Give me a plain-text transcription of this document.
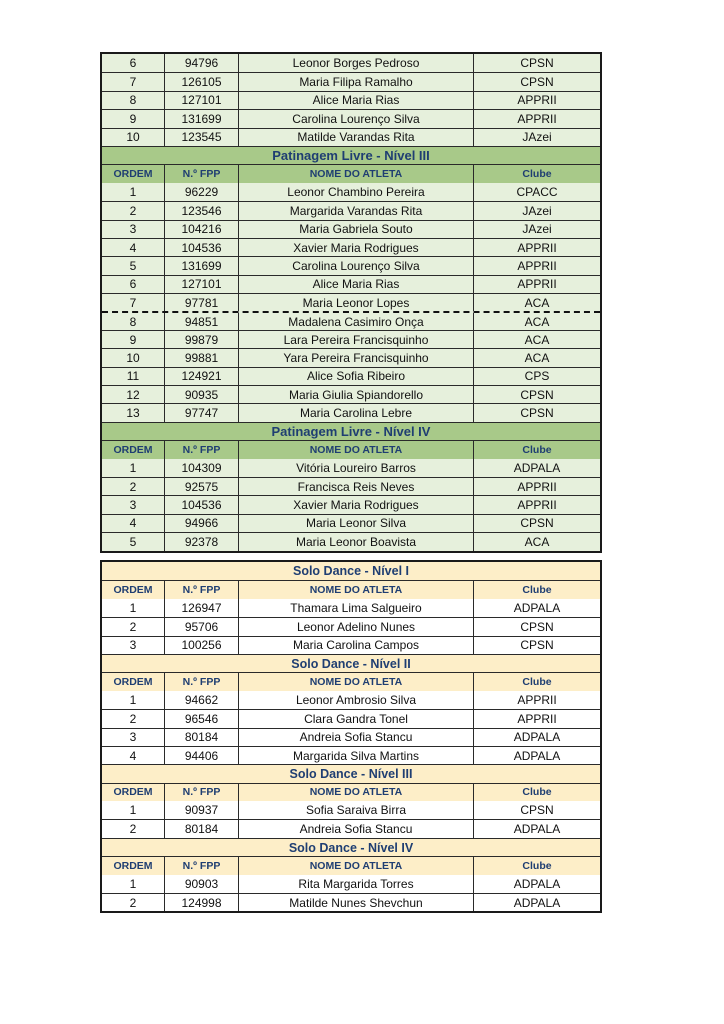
6	94796	Leonor Borges Pedroso	CPSN
7	126105	Maria Filipa Ramalho	CPSN
8	127101	Alice Maria Rias	APPRII
9	131699	Carolina Lourenço Silva	APPRII
10	123545	Matilde Varandas Rita	JAzei
Patinagem Livre - Nível III
ORDEM	N.º FPP	NOME DO ATLETA	Clube
1	96229	Leonor Chambino Pereira	CPACC
2	123546	Margarida Varandas Rita	JAzei
3	104216	Maria Gabriela Souto	JAzei
4	104536	Xavier Maria Rodrigues	APPRII
5	131699	Carolina Lourenço Silva	APPRII
6	127101	Alice Maria Rias	APPRII
7	97781	Maria Leonor Lopes	ACA
8	94851	Madalena Casimiro Onça	ACA
9	99879	Lara Pereira Francisquinho	ACA
10	99881	Yara Pereira Francisquinho	ACA
11	124921	Alice Sofia Ribeiro	CPS
12	90935	Maria Giulia Spiandorello	CPSN
13	97747	Maria Carolina Lebre	CPSN
Patinagem Livre - Nível IV
ORDEM	N.º FPP	NOME DO ATLETA	Clube
1	104309	Vitória Loureiro Barros	ADPALA
2	92575	Francisca Reis Neves	APPRII
3	104536	Xavier Maria Rodrigues	APPRII
4	94966	Maria Leonor Silva	CPSN
5	92378	Maria Leonor Boavista	ACA
Solo Dance - Nível I
ORDEM	N.º FPP	NOME DO ATLETA	Clube
1	126947	Thamara Lima Salgueiro	ADPALA
2	95706	Leonor Adelino Nunes	CPSN
3	100256	Maria Carolina Campos	CPSN
Solo Dance - Nível II
ORDEM	N.º FPP	NOME DO ATLETA	Clube
1	94662	Leonor Ambrosio Silva	APPRII
2	96546	Clara Gandra Tonel	APPRII
3	80184	Andreia Sofia Stancu	ADPALA
4	94406	Margarida Silva Martins	ADPALA
Solo Dance - Nível III
ORDEM	N.º FPP	NOME DO ATLETA	Clube
1	90937	Sofia Saraiva Birra	CPSN
2	80184	Andreia Sofia Stancu	ADPALA
Solo Dance - Nível IV
ORDEM	N.º FPP	NOME DO ATLETA	Clube
1	90903	Rita Margarida Torres	ADPALA
2	124998	Matilde Nunes Shevchun	ADPALA
